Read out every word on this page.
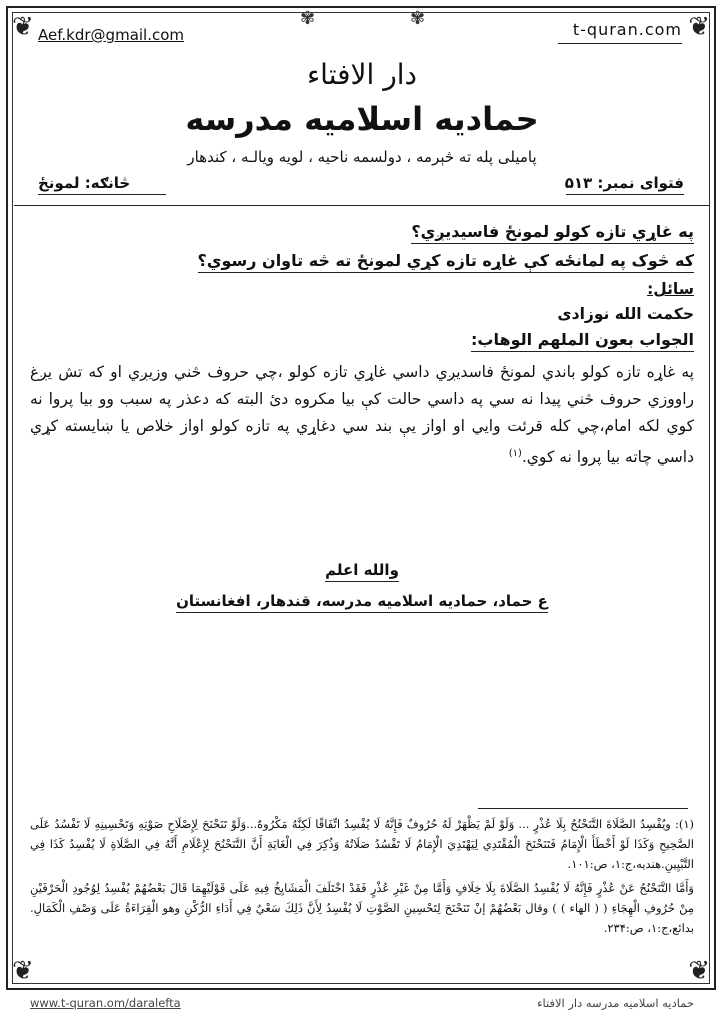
❦	❦
❦	❦
✾	✾
Aef.kdr@gmail.com	t-quran.com
دار الافتاء
حمادیه اسلامیه مدرسه
پاميلى پله ته څېرمه ، دولسمه ناحيه ، لويه ويالـه ، كندهار
فتوای نمبر: ۵۱۳
څانګه: لمونځ
په غاړي تازه کولو لمونځ فاسیدیږي؟
که څوک په لمانځه کې غاړه تازه کړي لمونځ ته څه تاوان رسوي؟
سائل:
حکمت الله نوزادی
الجواب بعون الملهم الوهاب:
په غاړه تازه کولو باندي لمونځ فاسدیږي داسي غاړي تازه کولو ،چي حروف څني وزیږي او که تش يږغ راووزي حروف څني پیدا نه سي په داسي حالت کې بیا مکروه دئ البته که دعذر په سبب وو بیا پروا نه کوي لکه امام،چي کله قرئت وایي او اواز يې بند سي دغاړي په تازه کولو اواز خلاص یا ښایسته کړي داسي چاته بیا پروا نه کوي.$^{(۱)}$
والله اعلم
ع حماد، حمادیه اسلامیه مدرسه، قندهار، افغانستان

(۱): ويُفْسِدُ الصَّلَاةَ التَّنَحْنُحُ بِلَا عُذْرٍ ... وَلَوْ لَمْ يَظْهَرْ لَهُ حُرُوفٌ فَإِنَّهُ لَا يُفْسِدُ اتِّفَاقًا لَكِنَّهُ مَكْرُوهٌ...وَلَوْ تَنَحْنَحَ لِإِصْلَاحِ صَوْتِهِ وَتَحْسِينِهِ لَا تَفْسُدُ عَلَى الصَّحِيحِ وَكَذَا لَوْ أَخْطَأَ الْإِمَامُ فَتَنَحْنَحَ الْمُقْتَدِي لِيَهْتَدِيَ الْإِمَامُ لَا تَفْسُدُ صَلَاتُهُ وَذُكِرَ فِي الْغَايَةِ أَنَّ التَّنَحْنُحَ لِإِعْلَامِ أَنَّهُ فِي الصَّلَاةِ لَا يُفْسِدُ كَذَا فِي التَّبْيِينِ.هنديه،ج:۱، ص:۱۰۱.

وَأَمَّا التَّنَحْنُحُ عَنْ عُذْرٍ فَإِنَّهُ لَا يُفْسِدُ الصَّلَاةَ بِلَا خِلَافٍ وَأَمَّا مِنْ غَيْرِ عُذْرٍ فَقَدْ اخْتَلَفَ الْمَشَايِخُ فِيهِ عَلَى قَوْلَيْهِمَا قَالَ بَعْضُهُمْ يُفْسِدُ لِوُجُودِ الْحَرْفَيْنِ مِنْ حُرُوفِ الْهِجَاءِ ( ( الهاء ) ) وقال بَعْضُهُمْ إنْ تَنَحْنَحَ لِتَحْسِينِ الصَّوْتِ لَا يُفْسِدُ لِأَنَّ ذَلِكَ سَعْيٌ فِي أَدَاءِ الرُّكْنِ وهو الْقِرَاءَةُ عَلَى وَصْفِ الْكَمَالِ. بدائع،ج:۱، ص:۲۳۴.

www.t-quran.om/daralefta	حمادیه اسلامیه مدرسه دار الافتاء
